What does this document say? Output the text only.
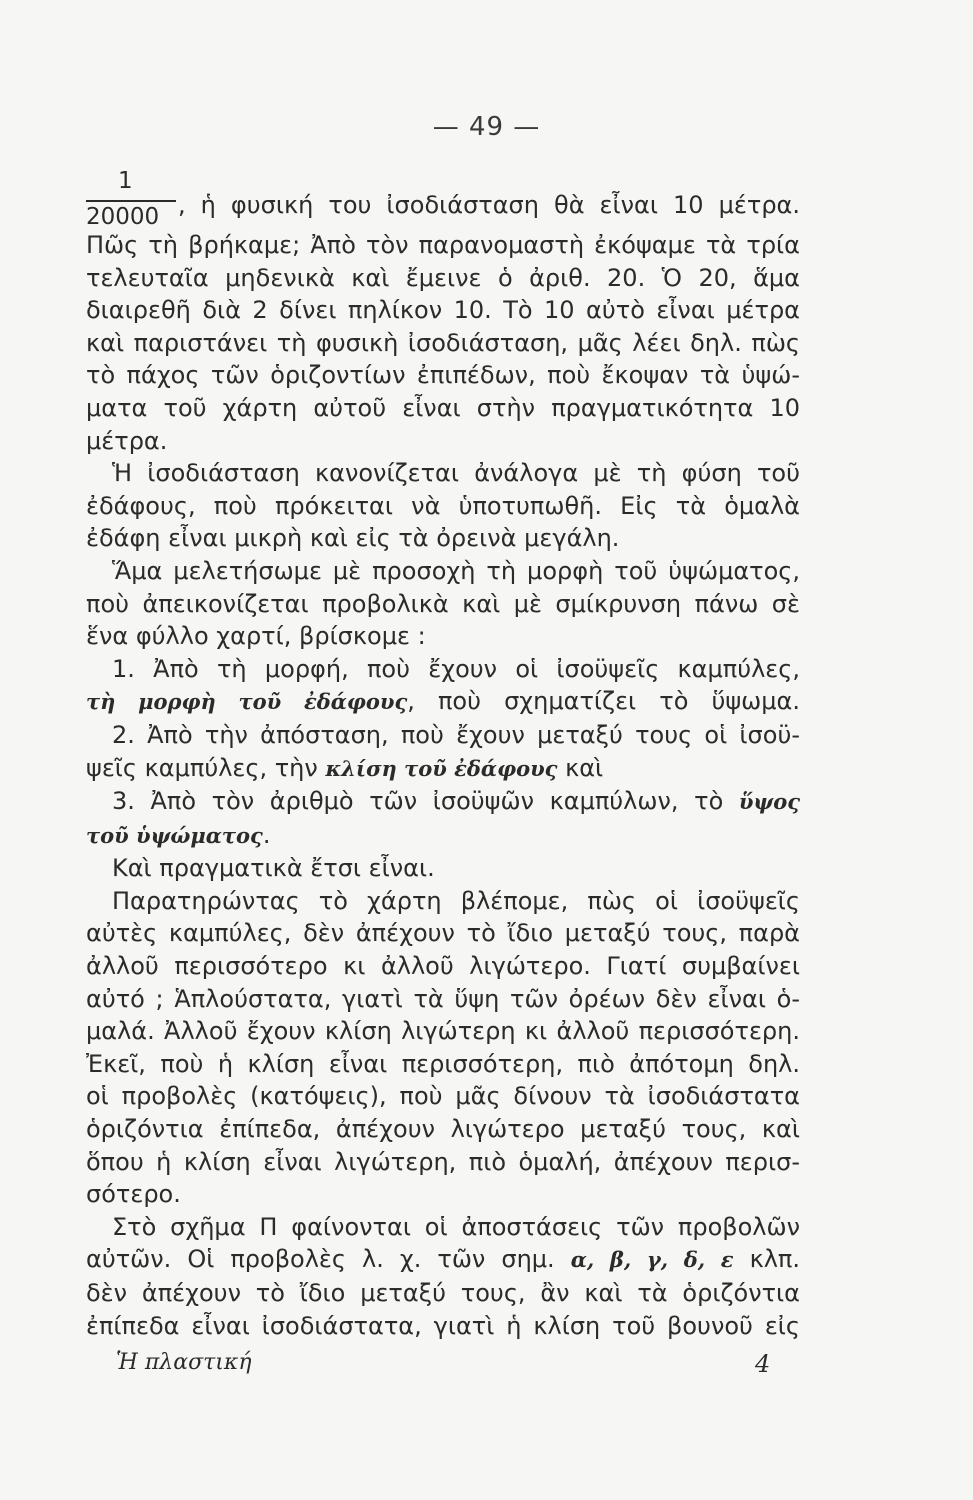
— 49 —
1
20000 , ἡ φυσική του ἰσοδιάσταση θὰ εἶναι 10 μέτρα.
Πῶς τὴ βρήκαμε; Ἀπὸ τὸν παρανομαστὴ ἐκόψαμε τὰ τρία
τελευταῖα μηδενικὰ καὶ ἔμεινε ὁ ἀριθ. 20. Ὁ 20, ἅμα
διαιρεθῆ διὰ 2 δίνει πηλίκον 10. Τὸ 10 αὐτὸ εἶναι μέτρα
καὶ παριστάνει τὴ φυσικὴ ἰσοδιάσταση, μᾶς λέει δηλ. πὼς
τὸ πάχος τῶν ὁριζοντίων ἐπιπέδων, ποὺ ἔκοψαν τὰ ὑψώ-
ματα τοῦ χάρτη αὐτοῦ εἶναι στὴν πραγματικότητα 10
μέτρα.
Ἡ ἰσοδιάσταση κανονίζεται ἀνάλογα μὲ τὴ φύση τοῦ
ἐδάφους, ποὺ πρόκειται νὰ ὑποτυπωθῆ. Εἰς τὰ ὁμαλὰ
ἐδάφη εἶναι μικρὴ καὶ εἰς τὰ ὀρεινὰ μεγάλη.
Ἅμα μελετήσωμε μὲ προσοχὴ τὴ μορφὴ τοῦ ὑψώματος,
ποὺ ἀπεικονίζεται προβολικὰ καὶ μὲ σμίκρυνση πάνω σὲ
ἕνα φύλλο χαρτί, βρίσκομε :
1. Ἀπὸ τὴ μορφή, ποὺ ἔχουν οἱ ἰσοϋψεῖς καμπύλες,
τὴ μορφὴ τοῦ ἐδάφους, ποὺ σχηματίζει τὸ ὕψωμα.
2. Ἀπὸ τὴν ἀπόσταση, ποὺ ἔχουν μεταξύ τους οἱ ἰσοϋ-
ψεῖς καμπύλες, τὴν κλίση τοῦ ἐδάφους καὶ
3. Ἀπὸ τὸν ἀριθμὸ τῶν ἰσοϋψῶν καμπύλων, τὸ ὕψος
τοῦ ὑψώματος.
Καὶ πραγματικὰ ἔτσι εἶναι.
Παρατηρώντας τὸ χάρτη βλέπομε, πὼς οἱ ἰσοϋψεῖς
αὐτὲς καμπύλες, δὲν ἀπέχουν τὸ ἴδιο μεταξύ τους, παρὰ
ἀλλοῦ περισσότερο κι ἀλλοῦ λιγώτερο. Γιατί συμβαίνει
αὐτό ; Ἁπλούστατα, γιατὶ τὰ ὕψη τῶν ὀρέων δὲν εἶναι ὁ-
μαλά. Ἀλλοῦ ἔχουν κλίση λιγώτερη κι ἀλλοῦ περισσότερη.
Ἐκεῖ, ποὺ ἡ κλίση εἶναι περισσότερη, πιὸ ἀπότομη δηλ.
οἱ προβολὲς (κατόψεις), ποὺ μᾶς δίνουν τὰ ἰσοδιάστατα
ὁριζόντια ἐπίπεδα, ἀπέχουν λιγώτερο μεταξύ τους, καὶ
ὅπου ἡ κλίση εἶναι λιγώτερη, πιὸ ὁμαλή, ἀπέχουν περισ-
σότερο.
Στὸ σχῆμα Π φαίνονται οἱ ἀποστάσεις τῶν προβολῶν
αὐτῶν. Οἱ προβολὲς λ. χ. τῶν σημ. α, β, γ, δ, ε κλπ.
δὲν ἀπέχουν τὸ ἴδιο μεταξύ τους, ἂν καὶ τὰ ὁριζόντια
ἐπίπεδα εἶναι ἰσοδιάστατα, γιατὶ ἡ κλίση τοῦ βουνοῦ εἰς
Ἡ πλαστική	4
